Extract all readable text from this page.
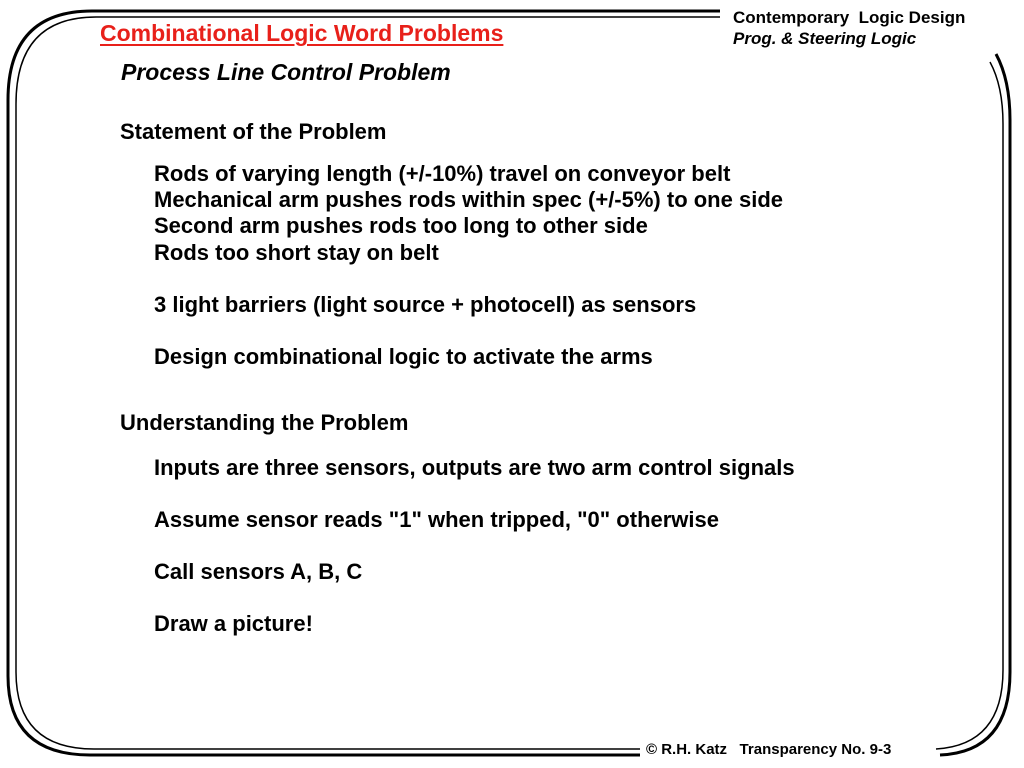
Combinational Logic Word Problems
Contemporary  Logic Design
Prog. & Steering Logic
Process Line Control Problem
Statement of the Problem
Rods of varying length (+/-10%) travel on conveyor belt
Mechanical arm pushes rods within spec (+/-5%) to one side
Second arm pushes rods too long to other side
Rods too short stay on belt
3 light barriers (light source + photocell) as sensors
Design combinational logic to activate the arms
Understanding the Problem
Inputs are three sensors, outputs are two arm control signals
Assume sensor reads "1" when tripped, "0" otherwise
Call sensors A, B, C
Draw a picture!
© R.H. Katz   Transparency No. 9-3
